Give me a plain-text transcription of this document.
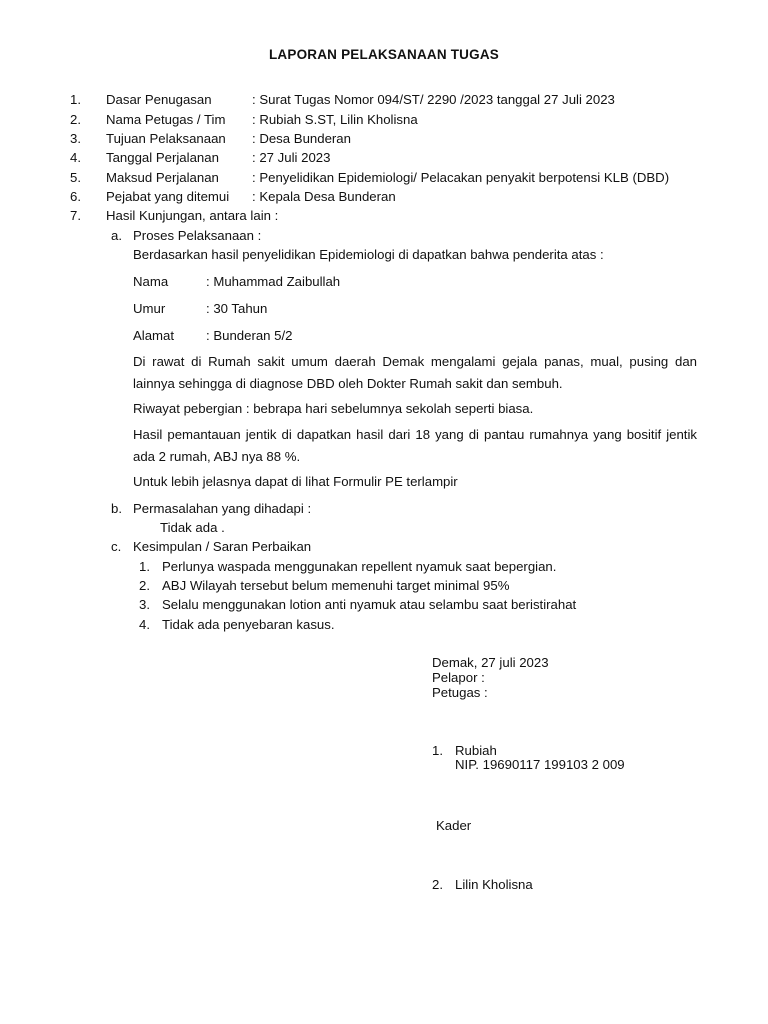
LAPORAN PELAKSANAAN TUGAS
1.	Dasar Penugasan	: Surat Tugas Nomor 094/ST/ 2290 /2023 tanggal 27 Juli 2023
2.	Nama Petugas / Tim	: Rubiah S.ST, Lilin Kholisna
3.	Tujuan Pelaksanaan	: Desa Bunderan
4.	Tanggal Perjalanan	: 27 Juli 2023
5.	Maksud Perjalanan	: Penyelidikan Epidemiologi/ Pelacakan penyakit berpotensi KLB (DBD)
6.	Pejabat yang ditemui	: Kepala Desa Bunderan
7.	Hasil Kunjungan, antara lain :
a. Proses Pelaksanaan :
Berdasarkan hasil penyelidikan Epidemiologi di dapatkan bahwa penderita atas :
Nama	: Muhammad Zaibullah
Umur	: 30 Tahun
Alamat : Bunderan 5/2
Di rawat di Rumah sakit umum daerah Demak mengalami gejala panas, mual, pusing dan lainnya sehingga di diagnose DBD oleh Dokter Rumah sakit dan sembuh.
Riwayat pebergian : bebrapa hari sebelumnya sekolah seperti biasa.
Hasil pemantauan jentik di dapatkan hasil dari 18 yang di pantau rumahnya yang bositif jentik ada 2 rumah, ABJ nya 88 %.
Untuk lebih jelasnya dapat di lihat Formulir PE terlampir
b. Permasalahan yang dihadapi :
Tidak ada .
c. Kesimpulan / Saran Perbaikan
1. Perlunya waspada menggunakan repellent nyamuk saat bepergian.
2. ABJ Wilayah tersebut belum memenuhi target minimal 95%
3. Selalu menggunakan lotion anti nyamuk atau selambu saat beristirahat
4. Tidak ada penyebaran kasus.
Demak, 27 juli 2023
Pelapor :
Petugas :
1. Rubiah
NIP. 19690117 199103 2 009
Kader
2. Lilin Kholisna
